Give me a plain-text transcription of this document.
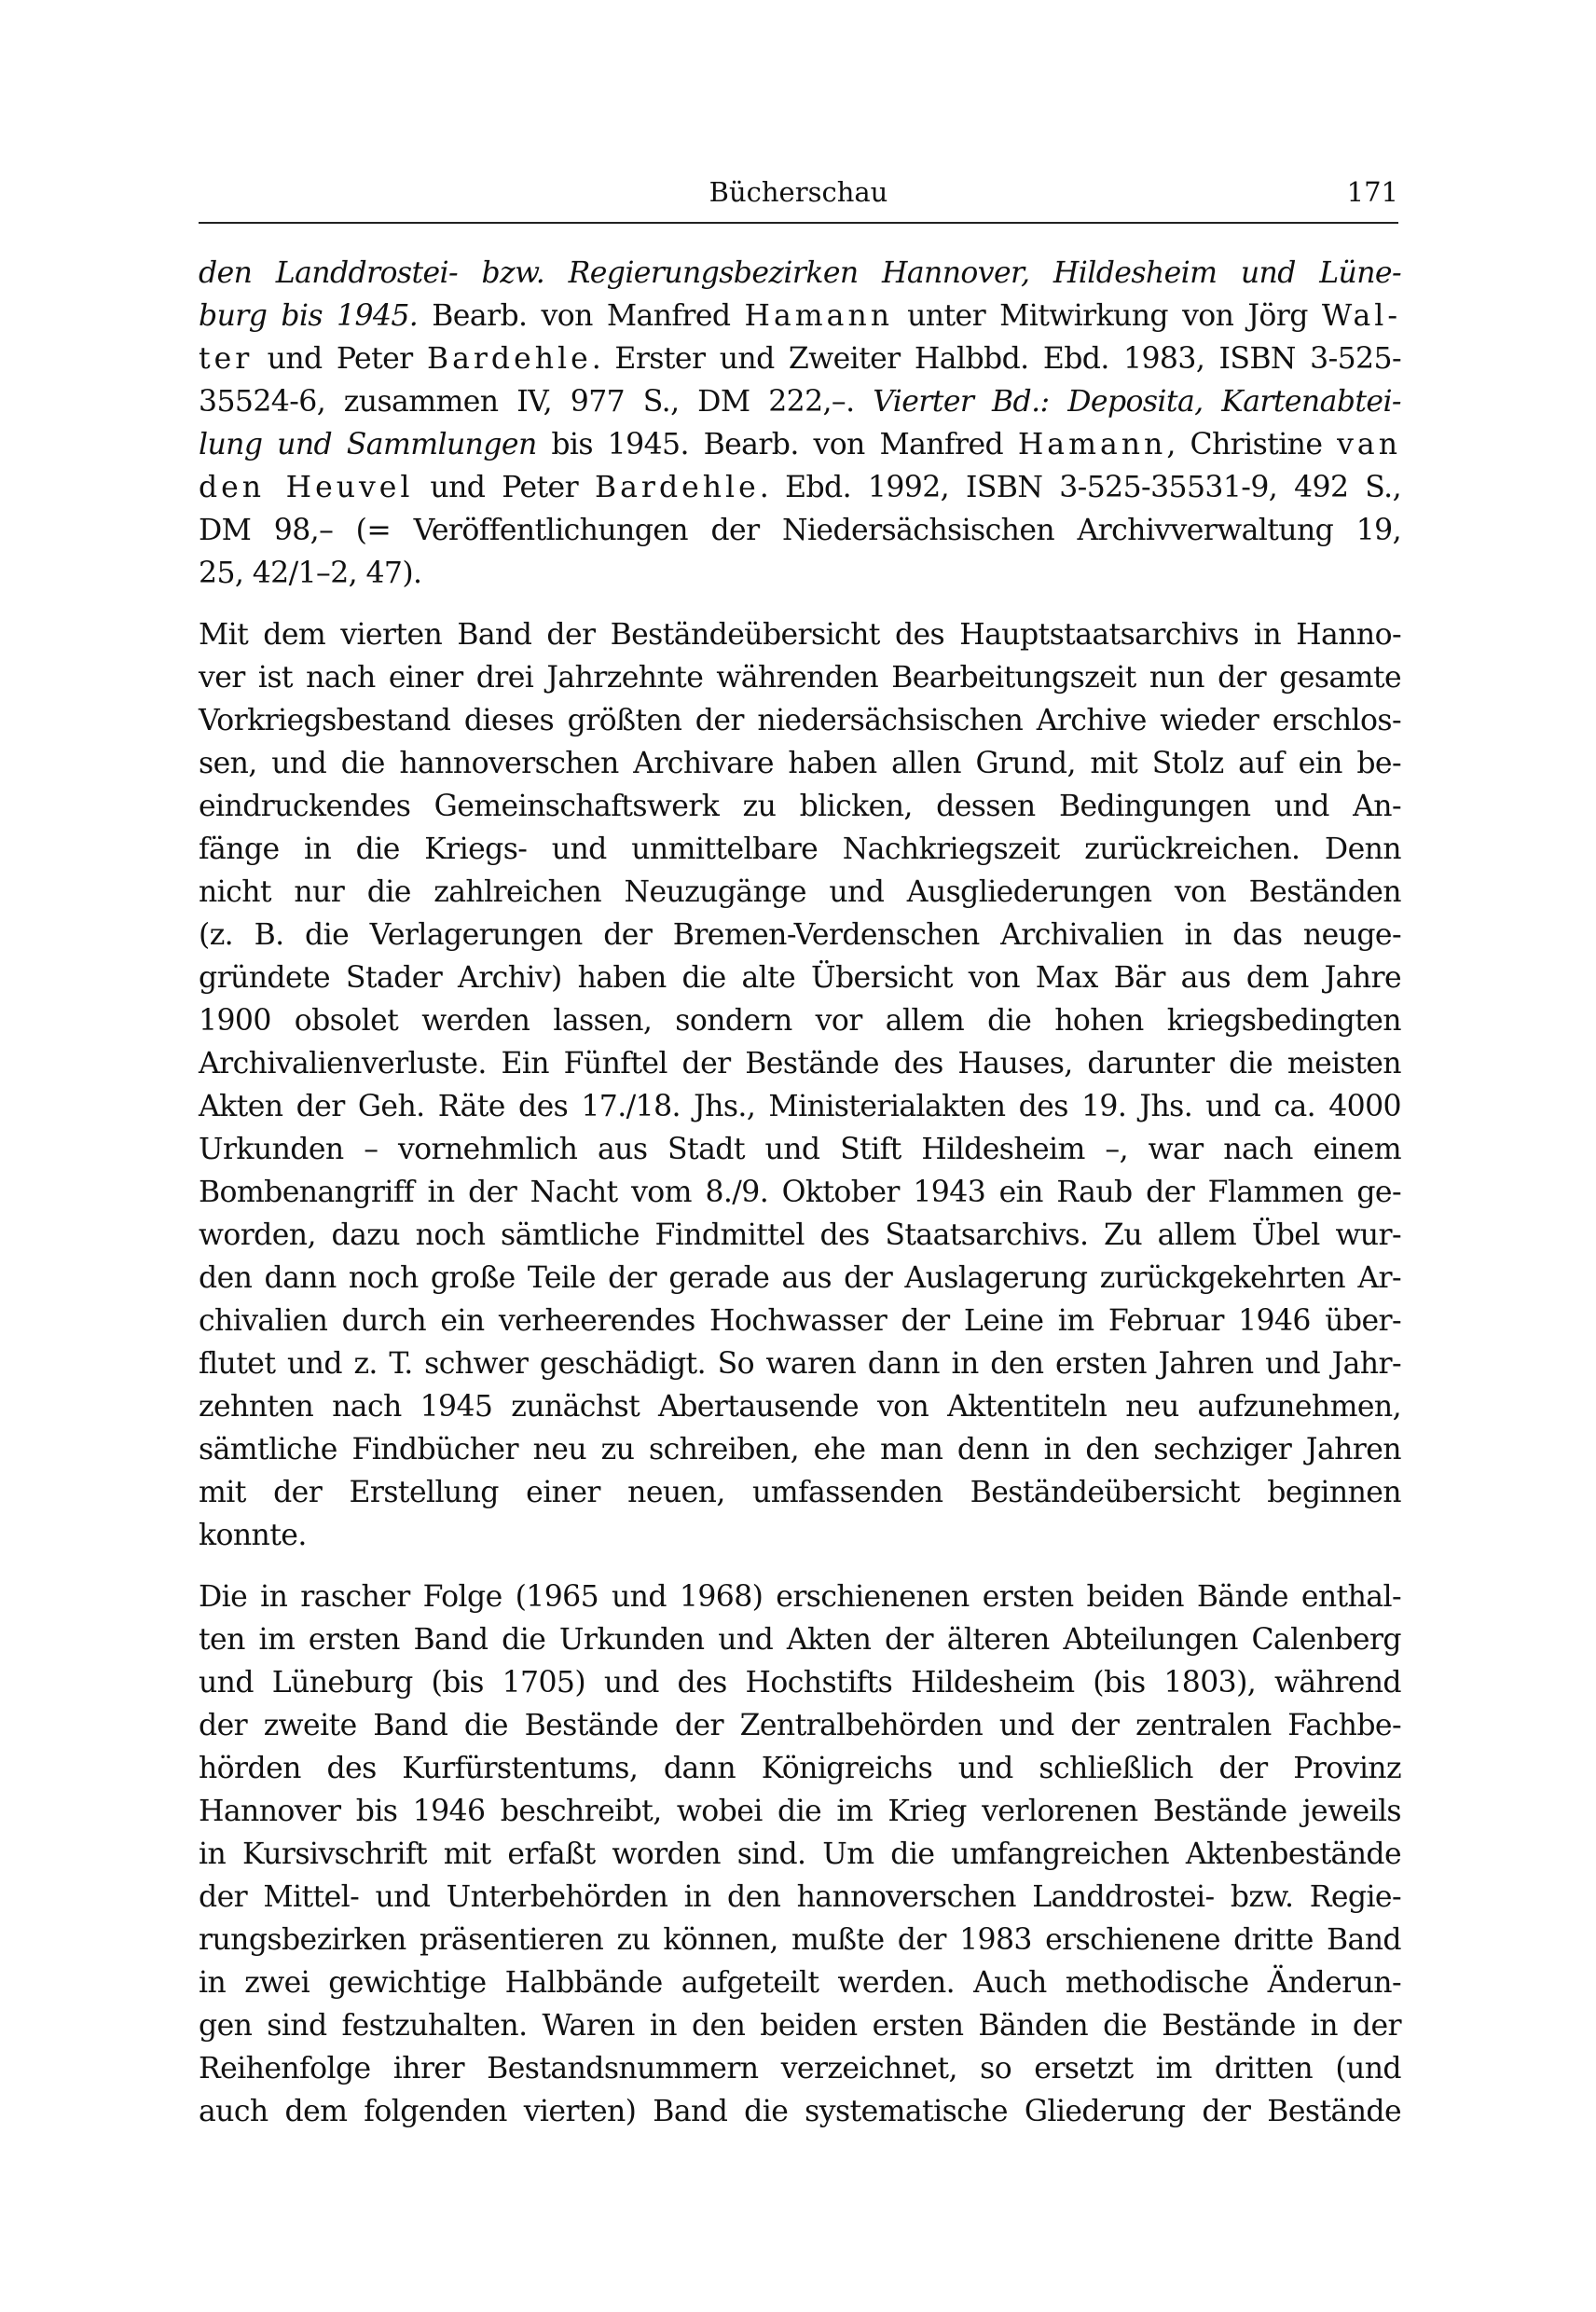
Bücherschau	171

den Landdrostei- bzw. Regierungsbezirken Hannover, Hildesheim und Lüne-

burg bis 1945. Bearb. von Manfred Hamann unter Mitwirkung von Jörg Wal-

ter und Peter Bardehle. Erster und Zweiter Halbbd. Ebd. 1983, ISBN 3-525-

35524-6, zusammen IV, 977 S., DM 222,–. Vierter Bd.: Deposita, Kartenabtei-

lung und Sammlungen bis 1945. Bearb. von Manfred Hamann, Christine van

den Heuvel und Peter Bardehle. Ebd. 1992, ISBN 3-525-35531-9, 492 S.,

DM 98,– (= Veröffentlichungen der Niedersächsischen Archivverwaltung 19,

25, 42/1–2, 47).

Mit dem vierten Band der Beständeübersicht des Hauptstaatsarchivs in Hanno-

ver ist nach einer drei Jahrzehnte währenden Bearbeitungszeit nun der gesamte

Vorkriegsbestand dieses größten der niedersächsischen Archive wieder erschlos-

sen, und die hannoverschen Archivare haben allen Grund, mit Stolz auf ein be-

eindruckendes Gemeinschaftswerk zu blicken, dessen Bedingungen und An-

fänge in die Kriegs- und unmittelbare Nachkriegszeit zurückreichen. Denn

nicht nur die zahlreichen Neuzugänge und Ausgliederungen von Beständen

(z. B. die Verlagerungen der Bremen-Verdenschen Archivalien in das neuge-

gründete Stader Archiv) haben die alte Übersicht von Max Bär aus dem Jahre

1900 obsolet werden lassen, sondern vor allem die hohen kriegsbedingten

Archivalienverluste. Ein Fünftel der Bestände des Hauses, darunter die meisten

Akten der Geh. Räte des 17./18. Jhs., Ministerialakten des 19. Jhs. und ca. 4000

Urkunden – vornehmlich aus Stadt und Stift Hildesheim –, war nach einem

Bombenangriff in der Nacht vom 8./9. Oktober 1943 ein Raub der Flammen ge-

worden, dazu noch sämtliche Findmittel des Staatsarchivs. Zu allem Übel wur-

den dann noch große Teile der gerade aus der Auslagerung zurückgekehrten Ar-

chivalien durch ein verheerendes Hochwasser der Leine im Februar 1946 über-

flutet und z. T. schwer geschädigt. So waren dann in den ersten Jahren und Jahr-

zehnten nach 1945 zunächst Abertausende von Aktentiteln neu aufzunehmen,

sämtliche Findbücher neu zu schreiben, ehe man denn in den sechziger Jahren

mit der Erstellung einer neuen, umfassenden Beständeübersicht beginnen

konnte.

Die in rascher Folge (1965 und 1968) erschienenen ersten beiden Bände enthal-

ten im ersten Band die Urkunden und Akten der älteren Abteilungen Calenberg

und Lüneburg (bis 1705) und des Hochstifts Hildesheim (bis 1803), während

der zweite Band die Bestände der Zentralbehörden und der zentralen Fachbe-

hörden des Kurfürstentums, dann Königreichs und schließlich der Provinz

Hannover bis 1946 beschreibt, wobei die im Krieg verlorenen Bestände jeweils

in Kursivschrift mit erfaßt worden sind. Um die umfangreichen Aktenbestände

der Mittel- und Unterbehörden in den hannoverschen Landdrostei- bzw. Regie-

rungsbezirken präsentieren zu können, mußte der 1983 erschienene dritte Band

in zwei gewichtige Halbbände aufgeteilt werden. Auch methodische Änderun-

gen sind festzuhalten. Waren in den beiden ersten Bänden die Bestände in der

Reihenfolge ihrer Bestandsnummern verzeichnet, so ersetzt im dritten (und

auch dem folgenden vierten) Band die systematische Gliederung der Bestände
